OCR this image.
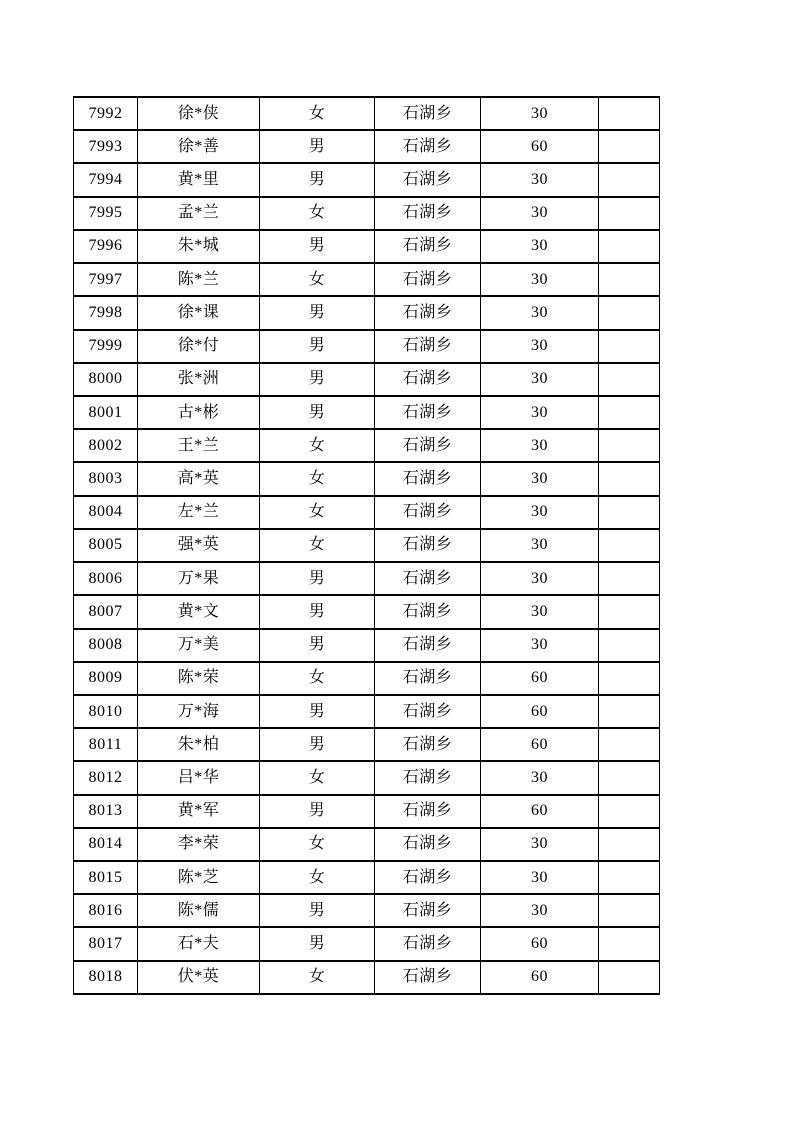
7992	徐*侠	女	石湖乡	30	
7993	徐*善	男	石湖乡	60	
7994	黄*里	男	石湖乡	30	
7995	孟*兰	女	石湖乡	30	
7996	朱*城	男	石湖乡	30	
7997	陈*兰	女	石湖乡	30	
7998	徐*课	男	石湖乡	30	
7999	徐*付	男	石湖乡	30	
8000	张*洲	男	石湖乡	30	
8001	古*彬	男	石湖乡	30	
8002	王*兰	女	石湖乡	30	
8003	高*英	女	石湖乡	30	
8004	左*兰	女	石湖乡	30	
8005	强*英	女	石湖乡	30	
8006	万*果	男	石湖乡	30	
8007	黄*文	男	石湖乡	30	
8008	万*美	男	石湖乡	30	
8009	陈*荣	女	石湖乡	60	
8010	万*海	男	石湖乡	60	
8011	朱*柏	男	石湖乡	60	
8012	吕*华	女	石湖乡	30	
8013	黄*军	男	石湖乡	60	
8014	李*荣	女	石湖乡	30	
8015	陈*芝	女	石湖乡	30	
8016	陈*儒	男	石湖乡	30	
8017	石*夫	男	石湖乡	60	
8018	伏*英	女	石湖乡	60	
